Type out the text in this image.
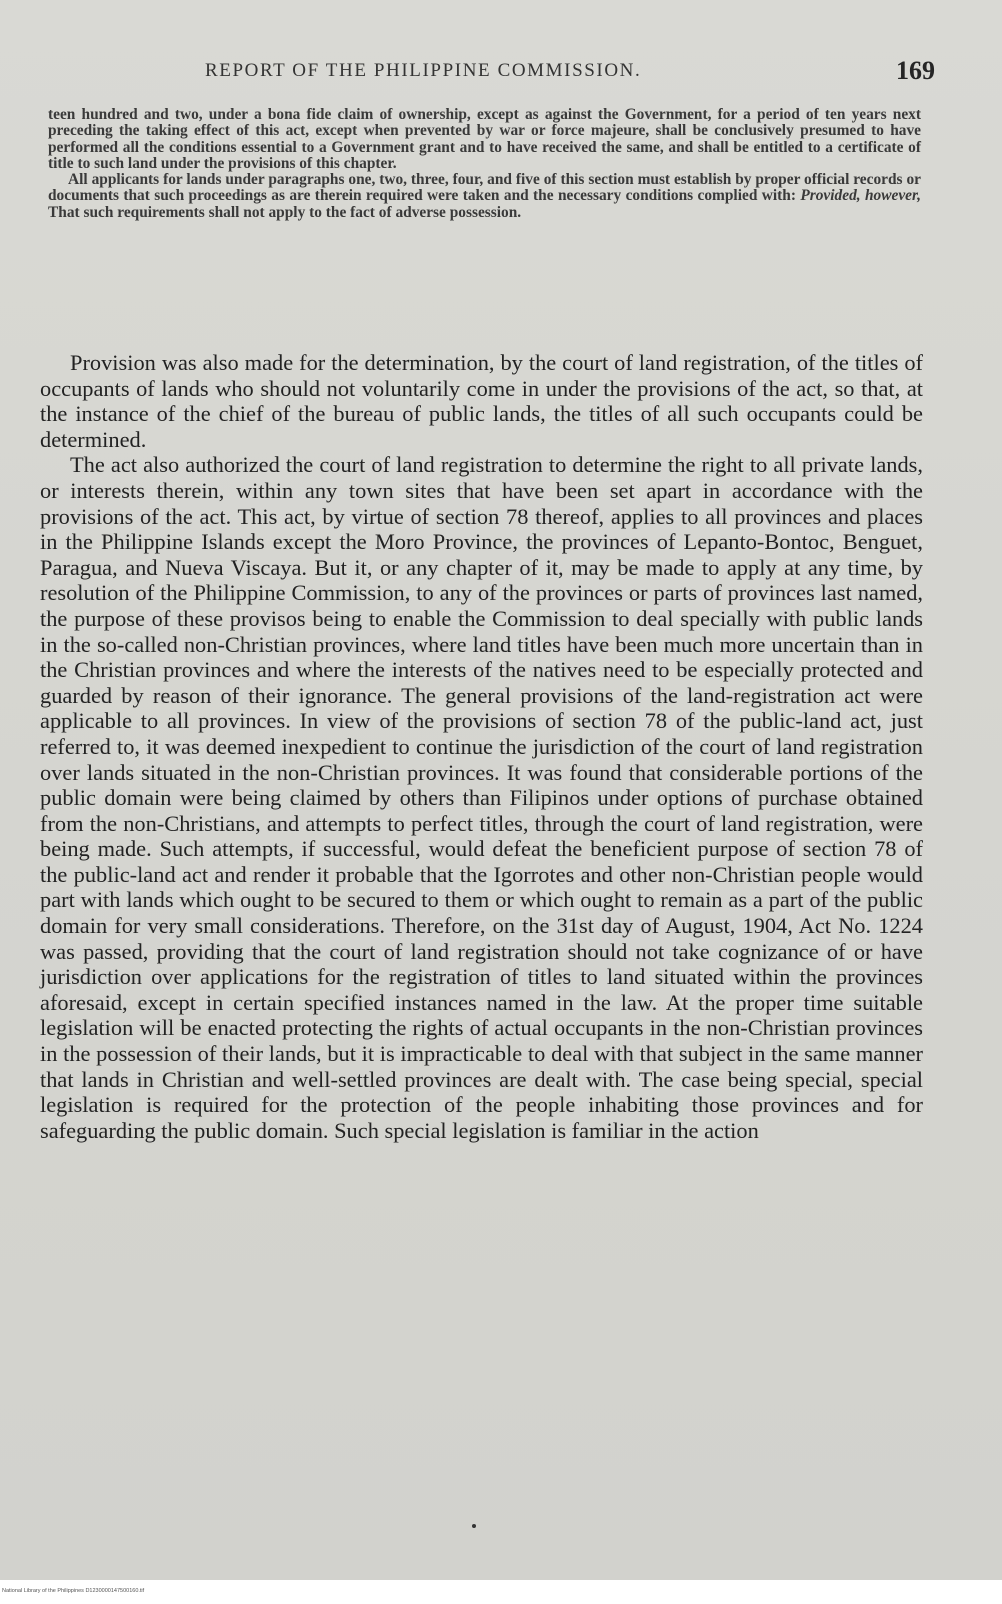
REPORT OF THE PHILIPPINE COMMISSION.	169

teen hundred and two, under a bona fide claim of ownership, except as against the Government, for a period of ten years next preceding the taking effect of this act, except when prevented by war or force majeure, shall be conclusively presumed to have performed all the conditions essential to a Government grant and to have received the same, and shall be entitled to a certificate of title to such land under the provisions of this chapter.

All applicants for lands under paragraphs one, two, three, four, and five of this section must establish by proper official records or documents that such proceedings as are therein required were taken and the necessary conditions complied with: Provided, however, That such requirements shall not apply to the fact of adverse possession.

Provision was also made for the determination, by the court of land registration, of the titles of occupants of lands who should not voluntarily come in under the provisions of the act, so that, at the instance of the chief of the bureau of public lands, the titles of all such occupants could be determined.

The act also authorized the court of land registration to determine the right to all private lands, or interests therein, within any town sites that have been set apart in accordance with the provisions of the act. This act, by virtue of section 78 thereof, applies to all provinces and places in the Philippine Islands except the Moro Province, the provinces of Lepanto-Bontoc, Benguet, Paragua, and Nueva Viscaya. But it, or any chapter of it, may be made to apply at any time, by resolution of the Philippine Commission, to any of the provinces or parts of provinces last named, the purpose of these provisos being to enable the Commission to deal specially with public lands in the so-called non-Christian provinces, where land titles have been much more uncertain than in the Christian provinces and where the interests of the natives need to be especially protected and guarded by reason of their ignorance. The general provisions of the land-registration act were applicable to all provinces. In view of the provisions of section 78 of the public-land act, just referred to, it was deemed inexpedient to continue the jurisdiction of the court of land registration over lands situated in the non-Christian provinces. It was found that considerable portions of the public domain were being claimed by others than Filipinos under options of purchase obtained from the non-Christians, and attempts to perfect titles, through the court of land registration, were being made. Such attempts, if successful, would defeat the beneficient purpose of section 78 of the public-land act and render it probable that the Igorrotes and other non-Christian people would part with lands which ought to be secured to them or which ought to remain as a part of the public domain for very small considerations. Therefore, on the 31st day of August, 1904, Act No. 1224 was passed, providing that the court of land registration should not take cognizance of or have jurisdiction over applications for the registration of titles to land situated within the provinces aforesaid, except in certain specified instances named in the law. At the proper time suitable legislation will be enacted protecting the rights of actual occupants in the non-Christian provinces in the possession of their lands, but it is impracticable to deal with that subject in the same manner that lands in Christian and well-settled provinces are dealt with. The case being special, special legislation is required for the protection of the people inhabiting those provinces and for safeguarding the public domain. Such special legislation is familiar in the action

National Library of the Philippines D1230000147500160.tif
